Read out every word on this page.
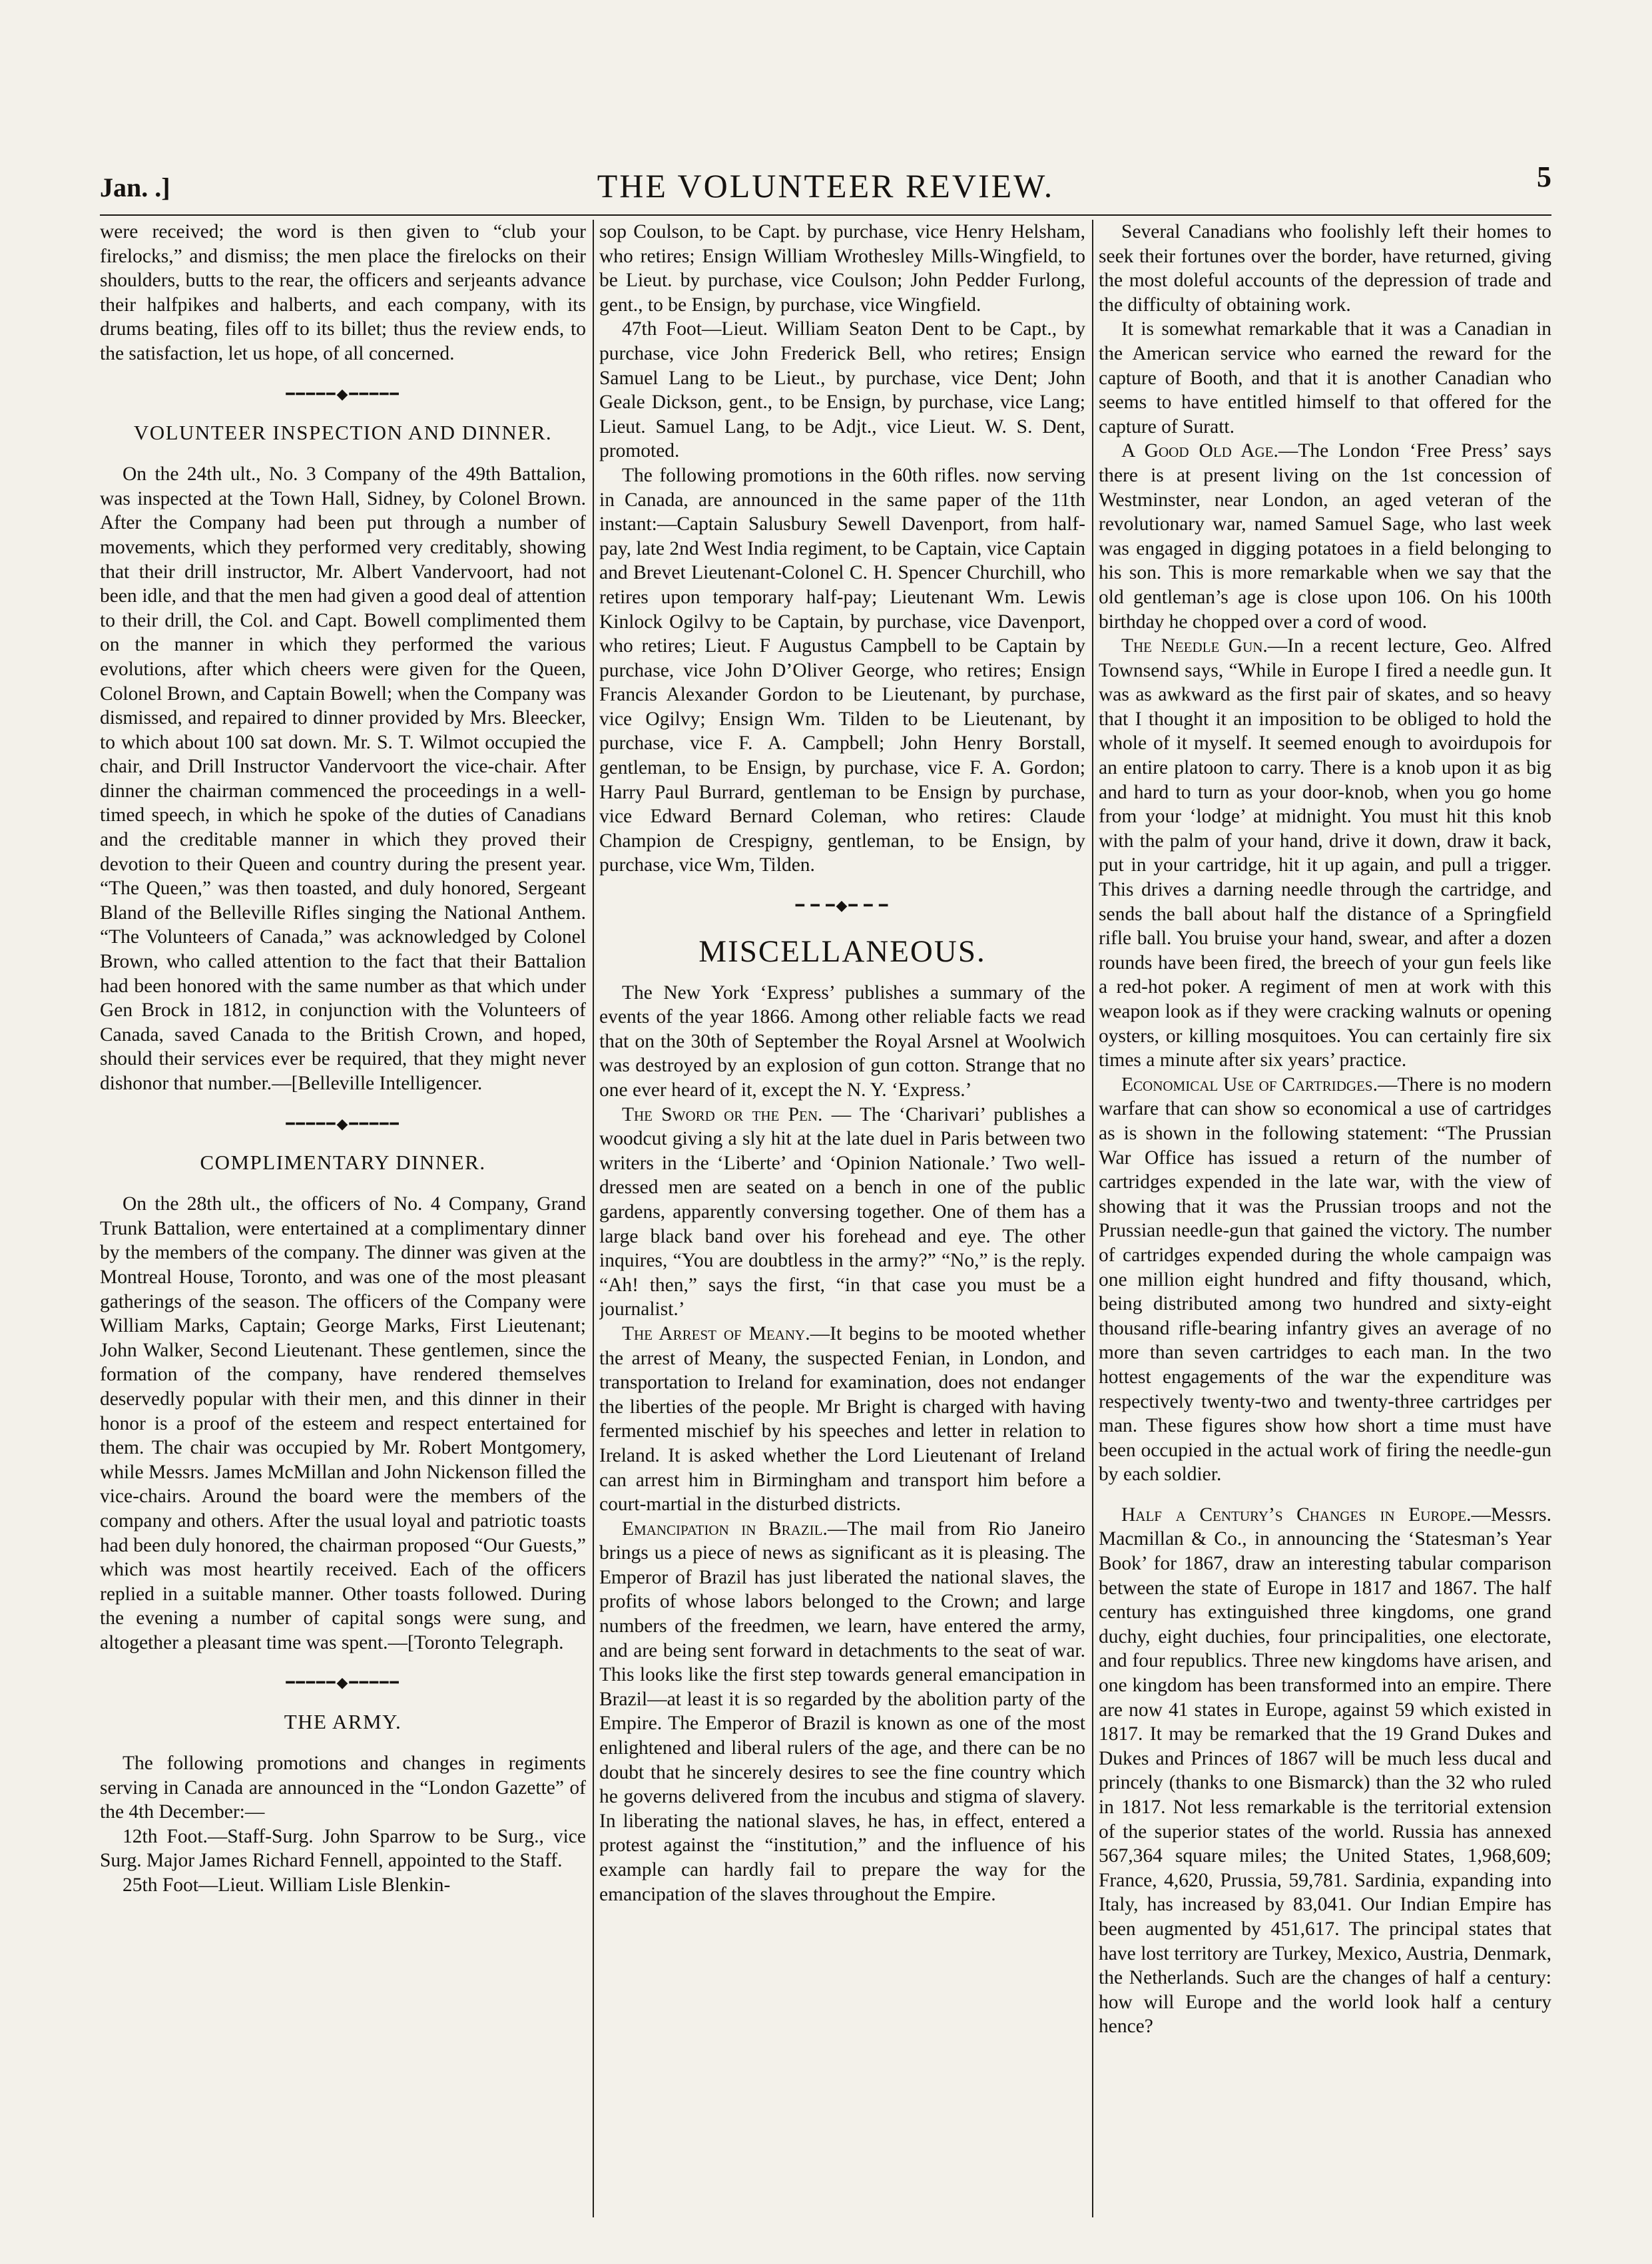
Jan. .]	THE VOLUNTEER REVIEW.	5

were received; the word is then given to “club your firelocks,” and dismiss; the men place the firelocks on their shoulders, butts to the rear, the officers and serjeants advance their halfpikes and halberts, and each company, with its drums beating, files off to its billet; thus the review ends, to the satisfaction, let us hope, of all concerned.

━━━━━◆━━━━━
VOLUNTEER INSPECTION AND DINNER.

On the 24th ult., No. 3 Company of the 49th Battalion, was inspected at the Town Hall, Sidney, by Colonel Brown. After the Company had been put through a number of movements, which they performed very creditably, showing that their drill instructor, Mr. Albert Vandervoort, had not been idle, and that the men had given a good deal of attention to their drill, the Col. and Capt. Bowell complimented them on the manner in which they performed the various evolutions, after which cheers were given for the Queen, Colonel Brown, and Captain Bowell; when the Company was dismissed, and repaired to dinner provided by Mrs. Bleecker, to which about 100 sat down. Mr. S. T. Wilmot occupied the chair, and Drill Instructor Vandervoort the vice-chair. After dinner the chairman commenced the proceedings in a well-timed speech, in which he spoke of the duties of Canadians and the creditable manner in which they proved their devotion to their Queen and country during the present year. “The Queen,” was then toasted, and duly honored, Sergeant Bland of the Belleville Rifles singing the National Anthem. “The Volunteers of Canada,” was acknowledged by Colonel Brown, who called attention to the fact that their Battalion had been honored with the same number as that which under Gen Brock in 1812, in conjunction with the Volunteers of Canada, saved Canada to the British Crown, and hoped, should their services ever be required, that they might never dishonor that number.—[Belleville Intelligencer.

━━━━━◆━━━━━
COMPLIMENTARY DINNER.

On the 28th ult., the officers of No. 4 Company, Grand Trunk Battalion, were entertained at a complimentary dinner by the members of the company. The dinner was given at the Montreal House, Toronto, and was one of the most pleasant gatherings of the season. The officers of the Company were William Marks, Captain; George Marks, First Lieutenant; John Walker, Second Lieutenant. These gentlemen, since the formation of the company, have rendered themselves deservedly popular with their men, and this dinner in their honor is a proof of the esteem and respect entertained for them. The chair was occupied by Mr. Robert Montgomery, while Messrs. James McMillan and John Nickenson filled the vice-chairs. Around the board were the members of the company and others. After the usual loyal and patriotic toasts had been duly honored, the chairman proposed “Our Guests,” which was most heartily received. Each of the officers replied in a suitable manner. Other toasts followed. During the evening a number of capital songs were sung, and altogether a pleasant time was spent.—[Toronto Telegraph.

━━━━━◆━━━━━
THE ARMY.

The following promotions and changes in regiments serving in Canada are announced in the “London Gazette” of the 4th December:—

12th Foot.—Staff-Surg. John Sparrow to be Surg., vice Surg. Major James Richard Fennell, appointed to the Staff.

25th Foot—Lieut. William Lisle Blenkin-

sop Coulson, to be Capt. by purchase, vice Henry Helsham, who retires; Ensign William Wrothesley Mills-Wingfield, to be Lieut. by purchase, vice Coulson; John Pedder Furlong, gent., to be Ensign, by purchase, vice Wingfield.

47th Foot—Lieut. William Seaton Dent to be Capt., by purchase, vice John Frederick Bell, who retires; Ensign Samuel Lang to be Lieut., by purchase, vice Dent; John Geale Dickson, gent., to be Ensign, by purchase, vice Lang; Lieut. Samuel Lang, to be Adjt., vice Lieut. W. S. Dent, promoted.

The following promotions in the 60th rifles. now serving in Canada, are announced in the same paper of the 11th instant:—Captain Salusbury Sewell Davenport, from half-pay, late 2nd West India regiment, to be Captain, vice Captain and Brevet Lieutenant-Colonel C. H. Spencer Churchill, who retires upon temporary half-pay; Lieutenant Wm. Lewis Kinlock Ogilvy to be Captain, by purchase, vice Davenport, who retires; Lieut. F Augustus Campbell to be Captain by purchase, vice John D’Oliver George, who retires; Ensign Francis Alexander Gordon to be Lieutenant, by purchase, vice Ogilvy; Ensign Wm. Tilden to be Lieutenant, by purchase, vice F. A. Campbell; John Henry Borstall, gentleman, to be Ensign, by purchase, vice F. A. Gordon; Harry Paul Burrard, gentleman to be Ensign by purchase, vice Edward Bernard Coleman, who retires: Claude Champion de Crespigny, gentleman, to be Ensign, by purchase, vice Wm, Tilden.

━ ━ ━◆━ ━ ━
MISCELLANEOUS.

The New York ‘Express’ publishes a summary of the events of the year 1866. Among other reliable facts we read that on the 30th of September the Royal Arsnel at Woolwich was destroyed by an explosion of gun cotton. Strange that no one ever heard of it, except the N. Y. ‘Express.’

The Sword or the Pen. — The ‘Charivari’ publishes a woodcut giving a sly hit at the late duel in Paris between two writers in the ‘Liberte’ and ‘Opinion Nationale.’ Two well-dressed men are seated on a bench in one of the public gardens, apparently conversing together. One of them has a large black band over his forehead and eye. The other inquires, “You are doubtless in the army?” “No,” is the reply. “Ah! then,” says the first, “in that case you must be a journalist.’

The Arrest of Meany.—It begins to be mooted whether the arrest of Meany, the suspected Fenian, in London, and transportation to Ireland for examination, does not endanger the liberties of the people. Mr Bright is charged with having fermented mischief by his speeches and letter in relation to Ireland. It is asked whether the Lord Lieutenant of Ireland can arrest him in Birmingham and transport him before a court-martial in the disturbed districts.

Emancipation in Brazil.—The mail from Rio Janeiro brings us a piece of news as significant as it is pleasing. The Emperor of Brazil has just liberated the national slaves, the profits of whose labors belonged to the Crown; and large numbers of the freedmen, we learn, have entered the army, and are being sent forward in detachments to the seat of war. This looks like the first step towards general emancipation in Brazil—at least it is so regarded by the abolition party of the Empire. The Emperor of Brazil is known as one of the most enlightened and liberal rulers of the age, and there can be no doubt that he sincerely desires to see the fine country which he governs delivered from the incubus and stigma of slavery. In liberating the national slaves, he has, in effect, entered a protest against the “institution,” and the influence of his example can hardly fail to prepare the way for the emancipation of the slaves throughout the Empire.

Several Canadians who foolishly left their homes to seek their fortunes over the border, have returned, giving the most doleful accounts of the depression of trade and the difficulty of obtaining work.

It is somewhat remarkable that it was a Canadian in the American service who earned the reward for the capture of Booth, and that it is another Canadian who seems to have entitled himself to that offered for the capture of Suratt.

A Good Old Age.—The London ‘Free Press’ says there is at present living on the 1st concession of Westminster, near London, an aged veteran of the revolutionary war, named Samuel Sage, who last week was engaged in digging potatoes in a field belonging to his son. This is more remarkable when we say that the old gentleman’s age is close upon 106. On his 100th birthday he chopped over a cord of wood.

The Needle Gun.—In a recent lecture, Geo. Alfred Townsend says, “While in Europe I fired a needle gun. It was as awkward as the first pair of skates, and so heavy that I thought it an imposition to be obliged to hold the whole of it myself. It seemed enough to avoirdupois for an entire platoon to carry. There is a knob upon it as big and hard to turn as your door-knob, when you go home from your ‘lodge’ at midnight. You must hit this knob with the palm of your hand, drive it down, draw it back, put in your cartridge, hit it up again, and pull a trigger. This drives a darning needle through the cartridge, and sends the ball about half the distance of a Springfield rifle ball. You bruise your hand, swear, and after a dozen rounds have been fired, the breech of your gun feels like a red-hot poker. A regiment of men at work with this weapon look as if they were cracking walnuts or opening oysters, or killing mosquitoes. You can certainly fire six times a minute after six years’ practice.

Economical Use of Cartridges.—There is no modern warfare that can show so economical a use of cartridges as is shown in the following statement: “The Prussian War Office has issued a return of the number of cartridges expended in the late war, with the view of showing that it was the Prussian troops and not the Prussian needle-gun that gained the victory. The number of cartridges expended during the whole campaign was one million eight hundred and fifty thousand, which, being distributed among two hundred and sixty-eight thousand rifle-bearing infantry gives an average of no more than seven cartridges to each man. In the two hottest engagements of the war the expenditure was respectively twenty-two and twenty-three cartridges per man. These figures show how short a time must have been occupied in the actual work of firing the needle-gun by each soldier.

Half a Century’s Changes in Europe.—Messrs. Macmillan & Co., in announcing the ‘Statesman’s Year Book’ for 1867, draw an interesting tabular comparison between the state of Europe in 1817 and 1867. The half century has extinguished three kingdoms, one grand duchy, eight duchies, four principalities, one electorate, and four republics. Three new kingdoms have arisen, and one kingdom has been transformed into an empire. There are now 41 states in Europe, against 59 which existed in 1817. It may be remarked that the 19 Grand Dukes and Dukes and Princes of 1867 will be much less ducal and princely (thanks to one Bismarck) than the 32 who ruled in 1817. Not less remarkable is the territorial extension of the superior states of the world. Russia has annexed 567,364 square miles; the United States, 1,968,609; France, 4,620, Prussia, 59,781. Sardinia, expanding into Italy, has increased by 83,041. Our Indian Empire has been augmented by 451,617. The principal states that have lost territory are Turkey, Mexico, Austria, Denmark, the Netherlands. Such are the changes of half a century: how will Europe and the world look half a century hence?
